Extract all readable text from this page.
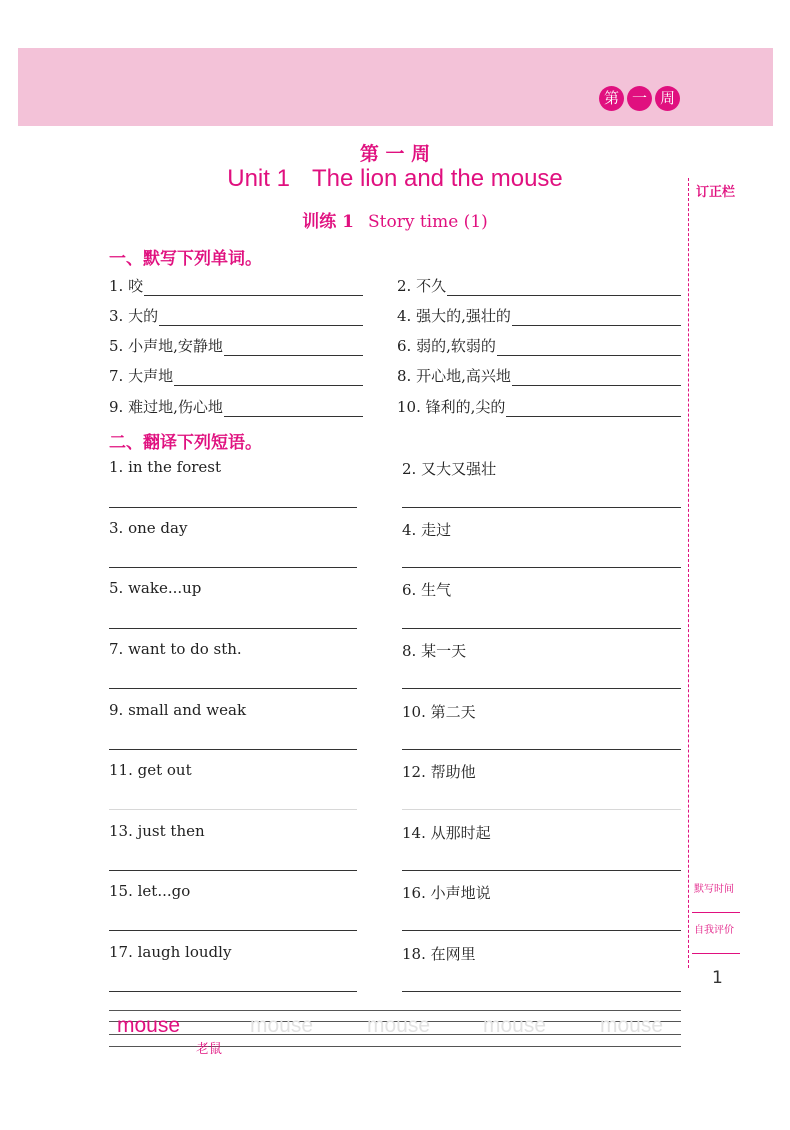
第 一 周
第 一 周
Unit 1 The lion and the mouse
训练 1 Story time (1)
一、默写下列单词。
1. 咬	2. 不久
3. 大的	4. 强大的,强壮的
5. 小声地,安静地	6. 弱的,软弱的
7. 大声地	8. 开心地,高兴地
9. 难过地,伤心地	10. 锋利的,尖的
二、翻译下列短语。
1. in the forest	2. 又大又强壮
3. one day	4. 走过
5. wake...up	6. 生气
7. want to do sth.	8. 某一天
9. small and weak	10. 第二天
11. get out	12. 帮助他
13. just then	14. 从那时起
15. let...go	16. 小声地说
17. laugh loudly	18. 在网里
订正栏
默写时间
自我评价
1
mouse	mouse	mouse	mouse	mouse
老鼠
